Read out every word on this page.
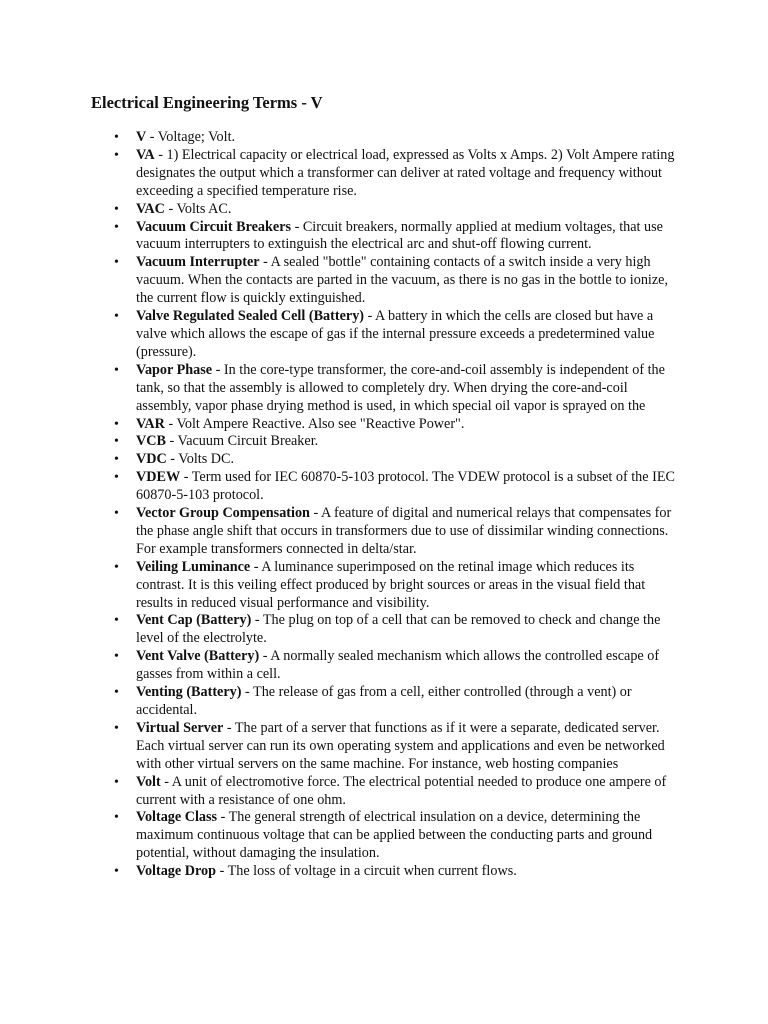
Electrical Engineering Terms - V
• V - Voltage; Volt.
• VA - 1) Electrical capacity or electrical load, expressed as Volts x Amps. 2) Volt Ampere rating designates the output which a transformer can deliver at rated voltage and frequency without exceeding a specified temperature rise.
• VAC - Volts AC.
• Vacuum Circuit Breakers - Circuit breakers, normally applied at medium voltages, that use vacuum interrupters to extinguish the electrical arc and shut-off flowing current.
• Vacuum Interrupter - A sealed "bottle" containing contacts of a switch inside a very high vacuum. When the contacts are parted in the vacuum, as there is no gas in the bottle to ionize, the current flow is quickly extinguished.
• Valve Regulated Sealed Cell (Battery) - A battery in which the cells are closed but have a valve which allows the escape of gas if the internal pressure exceeds a predetermined value (pressure).
• Vapor Phase - In the core-type transformer, the core-and-coil assembly is independent of the tank, so that the assembly is allowed to completely dry. When drying the core-and-coil assembly, vapor phase drying method is used, in which special oil vapor is sprayed on the
• VAR - Volt Ampere Reactive. Also see "Reactive Power".
• VCB - Vacuum Circuit Breaker.
• VDC - Volts DC.
• VDEW - Term used for IEC 60870-5-103 protocol. The VDEW protocol is a subset of the IEC 60870-5-103 protocol.
• Vector Group Compensation - A feature of digital and numerical relays that compensates for the phase angle shift that occurs in transformers due to use of dissimilar winding connections. For example transformers connected in delta/star.
• Veiling Luminance - A luminance superimposed on the retinal image which reduces its contrast. It is this veiling effect produced by bright sources or areas in the visual field that results in reduced visual performance and visibility.
• Vent Cap (Battery) - The plug on top of a cell that can be removed to check and change the level of the electrolyte.
• Vent Valve (Battery) - A normally sealed mechanism which allows the controlled escape of gasses from within a cell.
• Venting (Battery) - The release of gas from a cell, either controlled (through a vent) or accidental.
• Virtual Server - The part of a server that functions as if it were a separate, dedicated server. Each virtual server can run its own operating system and applications and even be networked with other virtual servers on the same machine. For instance, web hosting companies
• Volt - A unit of electromotive force. The electrical potential needed to produce one ampere of current with a resistance of one ohm.
• Voltage Class - The general strength of electrical insulation on a device, determining the maximum continuous voltage that can be applied between the conducting parts and ground potential, without damaging the insulation.
• Voltage Drop - The loss of voltage in a circuit when current flows.
